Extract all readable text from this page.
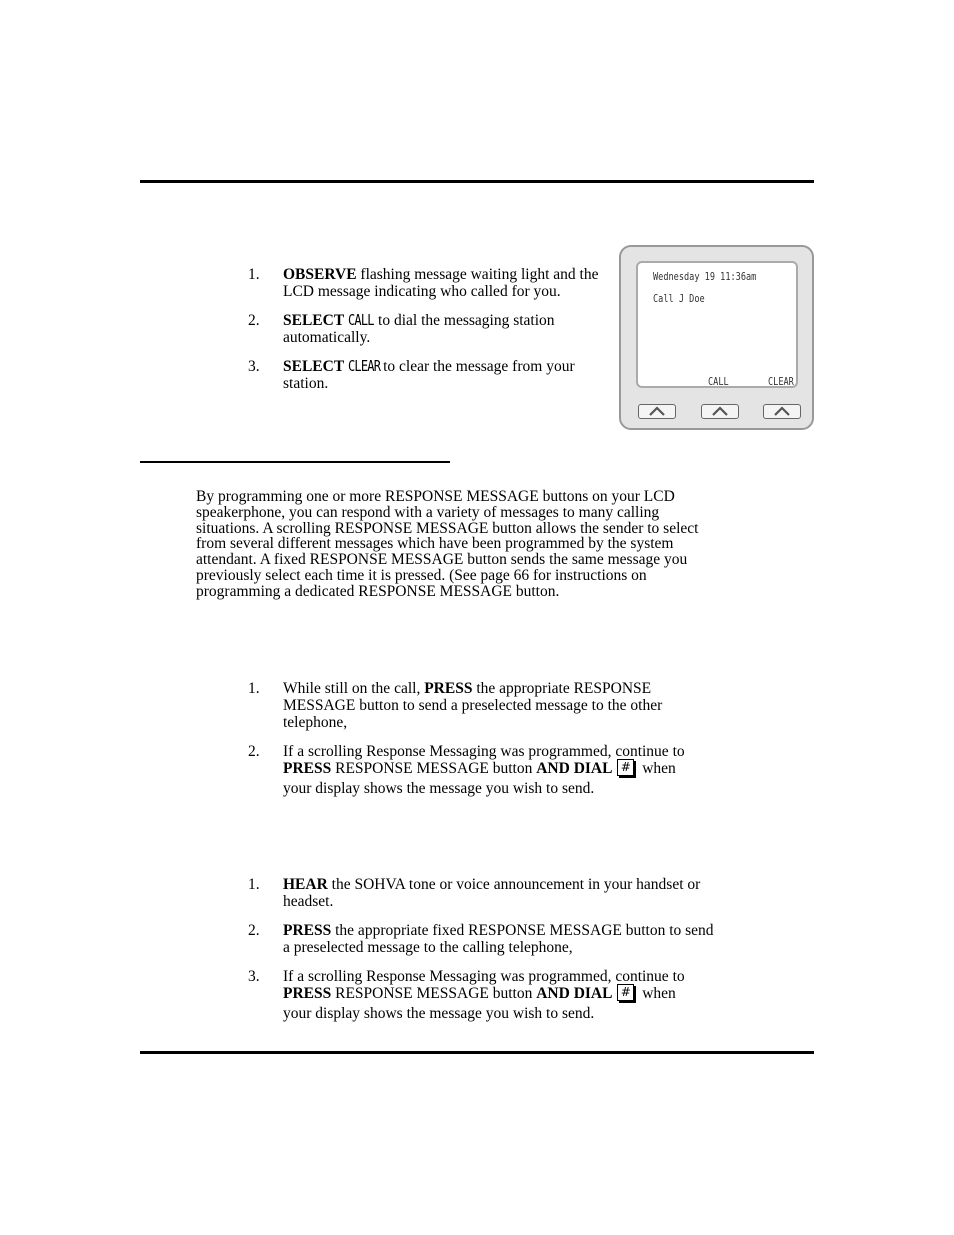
1. OBSERVE flashing message waiting light and the LCD message indicating who called for you.
2. SELECT CALL to dial the messaging station automatically.
3. SELECT CLEAR to clear the message from your station.
Wednesday 19 11:36am
Call J Doe
CALL	CLEAR
By programming one or more RESPONSE MESSAGE buttons on your LCD
speakerphone, you can respond with a variety of messages to many calling
situations. A scrolling RESPONSE MESSAGE button allows the sender to select
from several different messages which have been programmed by the system
attendant. A fixed RESPONSE MESSAGE button sends the same message you
previously select each time it is pressed. (See page 66 for instructions on
programming a dedicated RESPONSE MESSAGE button.
1. While still on the call, PRESS the appropriate RESPONSE MESSAGE button to send a preselected message to the other telephone,
2. If a scrolling Response Messaging was programmed, continue to
PRESS RESPONSE MESSAGE button AND DIAL # when
your display shows the message you wish to send.
1. HEAR the SOHVA tone or voice announcement in your handset or headset.
2. PRESS the appropriate fixed RESPONSE MESSAGE button to send a preselected message to the calling telephone,
3. If a scrolling Response Messaging was programmed, continue to
PRESS RESPONSE MESSAGE button AND DIAL # when
your display shows the message you wish to send.
